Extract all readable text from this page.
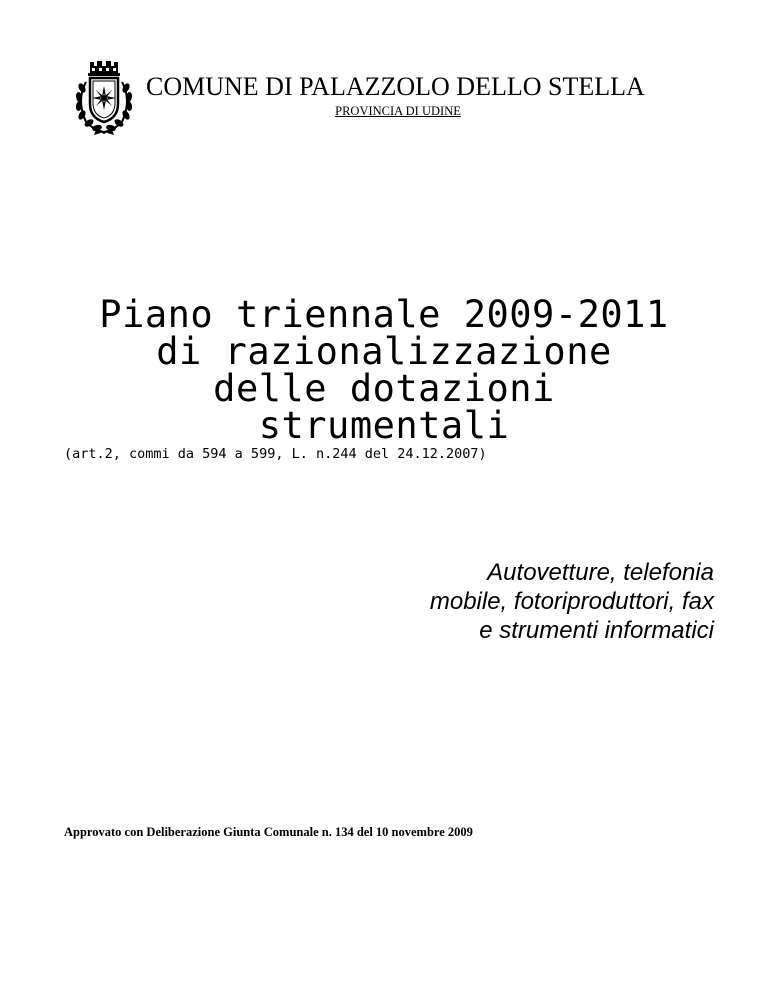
COMUNE DI PALAZZOLO DELLO STELLA
PROVINCIA DI UDINE
Piano triennale 2009-2011
di razionalizzazione
delle dotazioni
strumentali
(art.2, commi da 594 a 599, L. n.244 del 24.12.2007)
Autovetture, telefonia
mobile, fotoriproduttori, fax
e strumenti informatici
Approvato con Deliberazione Giunta Comunale n. 134 del 10 novembre 2009
